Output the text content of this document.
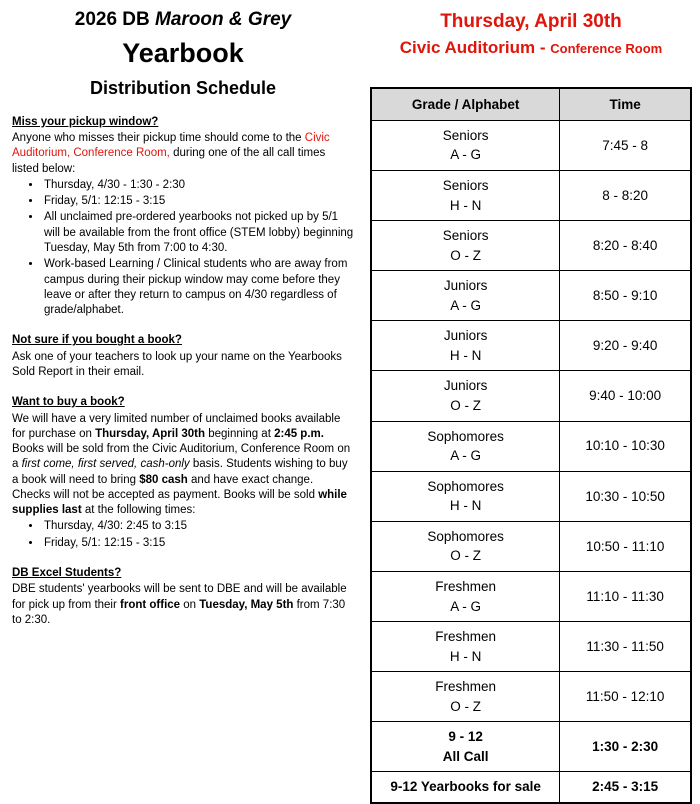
2026 DB Maroon & Grey
Yearbook
Distribution Schedule
Miss your pickup window?
Anyone who misses their pickup time should come to the Civic Auditorium, Conference Room, during one of the all call times listed below:
• Thursday, 4/30 - 1:30 - 2:30
• Friday, 5/1: 12:15 - 3:15
• All unclaimed pre-ordered yearbooks not picked up by 5/1 will be available from the front office (STEM lobby) beginning Tuesday, May 5th from 7:00 to 4:30.
• Work-based Learning / Clinical students who are away from campus during their pickup window may come before they leave or after they return to campus on 4/30 regardless of grade/alphabet.
Not sure if you bought a book?
Ask one of your teachers to look up your name on the Yearbooks Sold Report in their email.
Want to buy a book?
We will have a very limited number of unclaimed books available for purchase on Thursday, April 30th beginning at 2:45 p.m. Books will be sold from the Civic Auditorium, Conference Room on a first come, first served, cash-only basis. Students wishing to buy a book will need to bring $80 cash and have exact change. Checks will not be accepted as payment. Books will be sold while supplies last at the following times:
• Thursday, 4/30: 2:45 to 3:15
• Friday, 5/1: 12:15 - 3:15
DB Excel Students?
DBE students' yearbooks will be sent to DBE and will be available for pick up from their front office on Tuesday, May 5th from 7:30 to 2:30.
Thursday, April 30th
Civic Auditorium - Conference Room
Grade / Alphabet	Time
Seniors
A - G	7:45 - 8
Seniors
H - N	8 - 8:20
Seniors
O - Z	8:20 - 8:40
Juniors
A - G	8:50 - 9:10
Juniors
H - N	9:20 - 9:40
Juniors
O - Z	9:40 - 10:00
Sophomores
A - G	10:10 - 10:30
Sophomores
H - N	10:30 - 10:50
Sophomores
O - Z	10:50 - 11:10
Freshmen
A - G	11:10 - 11:30
Freshmen
H - N	11:30 - 11:50
Freshmen
O - Z	11:50 - 12:10
9 - 12
All Call	1:30 - 2:30
9-12 Yearbooks for sale	2:45 - 3:15
